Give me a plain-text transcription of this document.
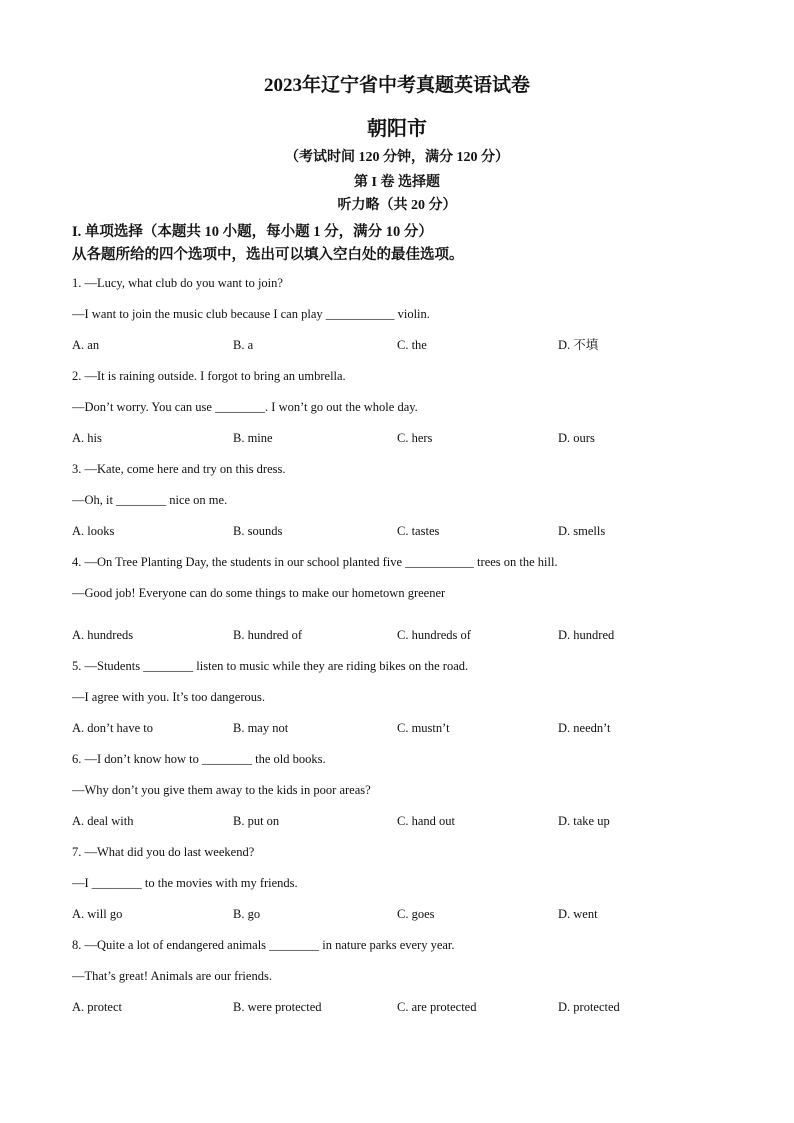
2023年辽宁省中考真题英语试卷
朝阳市
（考试时间 120 分钟，满分 120 分）
第 I 卷 选择题
听力略（共 20 分）
I. 单项选择（本题共 10 小题，每小题 1 分，满分 10 分）
从各题所给的四个选项中，选出可以填入空白处的最佳选项。
1. —Lucy, what club do you want to join?
—I want to join the music club because I can play ___________ violin.
A. an	B. a	C. the	D. 不填
2. —It is raining outside. I forgot to bring an umbrella.
—Don’t worry. You can use ________. I won’t go out the whole day.
A. his	B. mine	C. hers	D. ours
3. —Kate, come here and try on this dress.
—Oh, it ________ nice on me.
A. looks	B. sounds	C. tastes	D. smells
4. —On Tree Planting Day, the students in our school planted five ___________ trees on the hill.
—Good job! Everyone can do some things to make our hometown greener
A. hundreds	B. hundred of	C. hundreds of	D. hundred
5. —Students ________ listen to music while they are riding bikes on the road.
—I agree with you. It’s too dangerous.
A. don’t have to	B. may not	C. mustn’t	D. needn’t
6. —I don’t know how to ________ the old books.
—Why don’t you give them away to the kids in poor areas?
A. deal with	B. put on	C. hand out	D. take up
7. —What did you do last weekend?
—I ________ to the movies with my friends.
A. will go	B. go	C. goes	D. went
8. —Quite a lot of endangered animals ________ in nature parks every year.
—That’s great! Animals are our friends.
A. protect	B. were protected	C. are protected	D. protected
